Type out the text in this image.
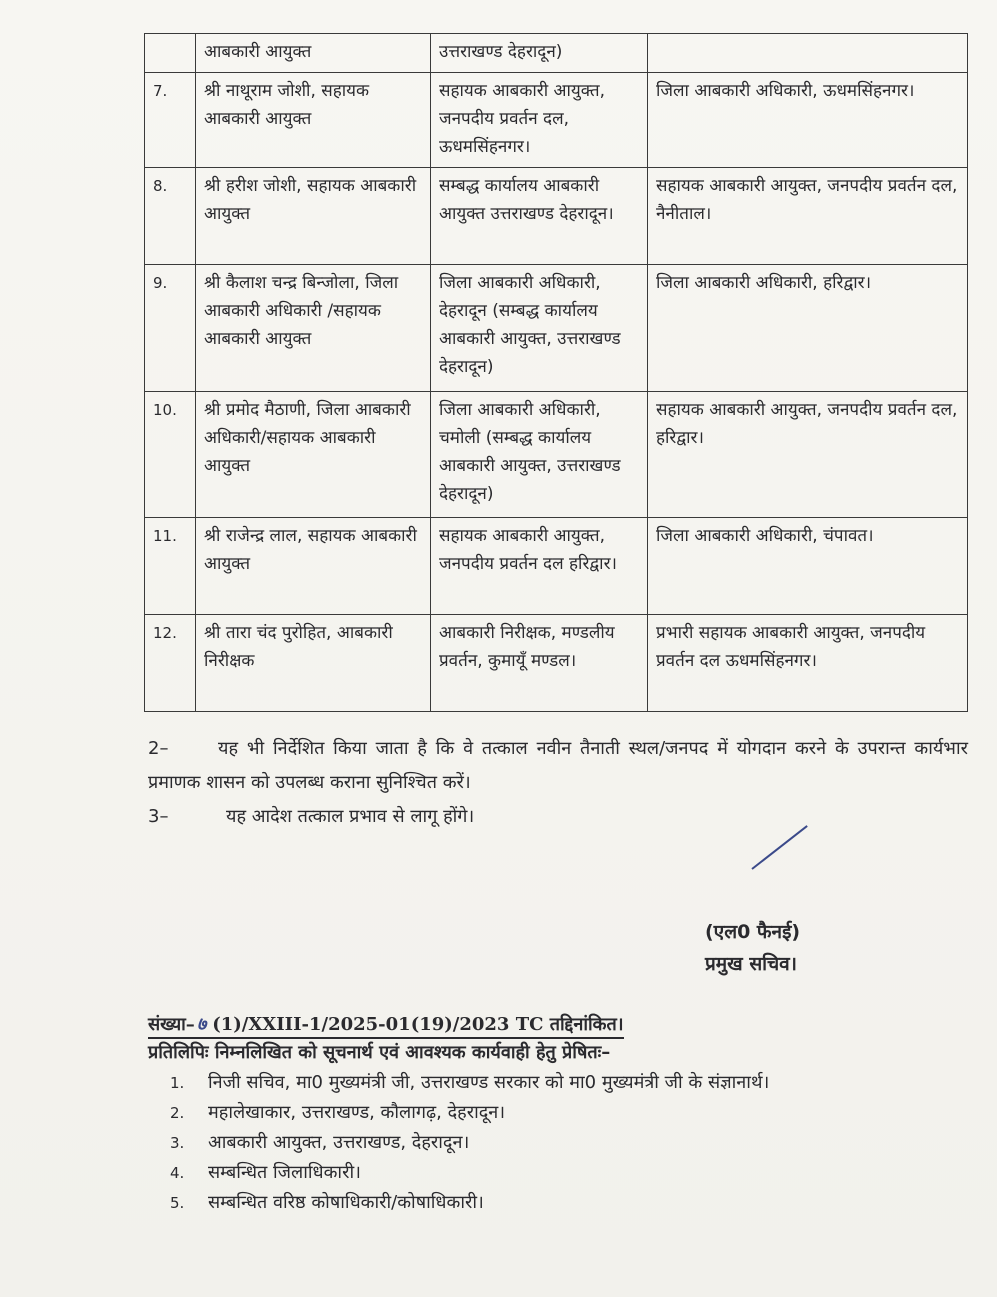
	आबकारी आयुक्त	उत्तराखण्ड देहरादून)	
7.	श्री नाथूराम जोशी, सहायक आबकारी आयुक्त	सहायक आबकारी आयुक्त, जनपदीय प्रवर्तन दल, ऊधमसिंहनगर।	जिला आबकारी अधिकारी, ऊधमसिंहनगर।
8.	श्री हरीश जोशी, सहायक आबकारी आयुक्त	सम्बद्ध कार्यालय आबकारी आयुक्त उत्तराखण्ड देहरादून।	सहायक आबकारी आयुक्त, जनपदीय प्रवर्तन दल, नैनीताल।
9.	श्री कैलाश चन्द्र बिन्जोला, जिला आबकारी अधिकारी /सहायक आबकारी आयुक्त	जिला आबकारी अधिकारी, देहरादून (सम्बद्ध कार्यालय आबकारी आयुक्त, उत्तराखण्ड देहरादून)	जिला आबकारी अधिकारी, हरिद्वार।
10.	श्री प्रमोद मैठाणी, जिला आबकारी अधिकारी/सहायक आबकारी आयुक्त	जिला आबकारी अधिकारी, चमोली (सम्बद्ध कार्यालय आबकारी आयुक्त, उत्तराखण्ड देहरादून)	सहायक आबकारी आयुक्त, जनपदीय प्रवर्तन दल, हरिद्वार।
11.	श्री राजेन्द्र लाल, सहायक आबकारी आयुक्त	सहायक आबकारी आयुक्त, जनपदीय प्रवर्तन दल हरिद्वार।	जिला आबकारी अधिकारी, चंपावत।
12.	श्री तारा चंद पुरोहित, आबकारी निरीक्षक	आबकारी निरीक्षक, मण्डलीय प्रवर्तन, कुमायूँ मण्डल।	प्रभारी सहायक आबकारी आयुक्त, जनपदीय प्रवर्तन दल ऊधमसिंहनगर।
2–	यह भी निर्देशित किया जाता है कि वे तत्काल नवीन तैनाती स्थल/जनपद में योगदान करने के उपरान्त कार्यभार प्रमाणक शासन को उपलब्ध कराना सुनिश्चित करें।
3–	यह आदेश तत्काल प्रभाव से लागू होंगे।
(एल0 फैनई)
प्रमुख सचिव।
संख्या– ७ (1)/XXIII-1/2025-01(19)/2023 TC तद्दिनांकित।
प्रतिलिपिः निम्नलिखित को सूचनार्थ एवं आवश्यक कार्यवाही हेतु प्रेषितः–
1.	निजी सचिव, मा0 मुख्यमंत्री जी, उत्तराखण्ड सरकार को मा0 मुख्यमंत्री जी के संज्ञानार्थ।
2.	महालेखाकार, उत्तराखण्ड, कौलागढ़, देहरादून।
3.	आबकारी आयुक्त, उत्तराखण्ड, देहरादून।
4.	सम्बन्धित जिलाधिकारी।
5.	सम्बन्धित वरिष्ठ कोषाधिकारी/कोषाधिकारी।
